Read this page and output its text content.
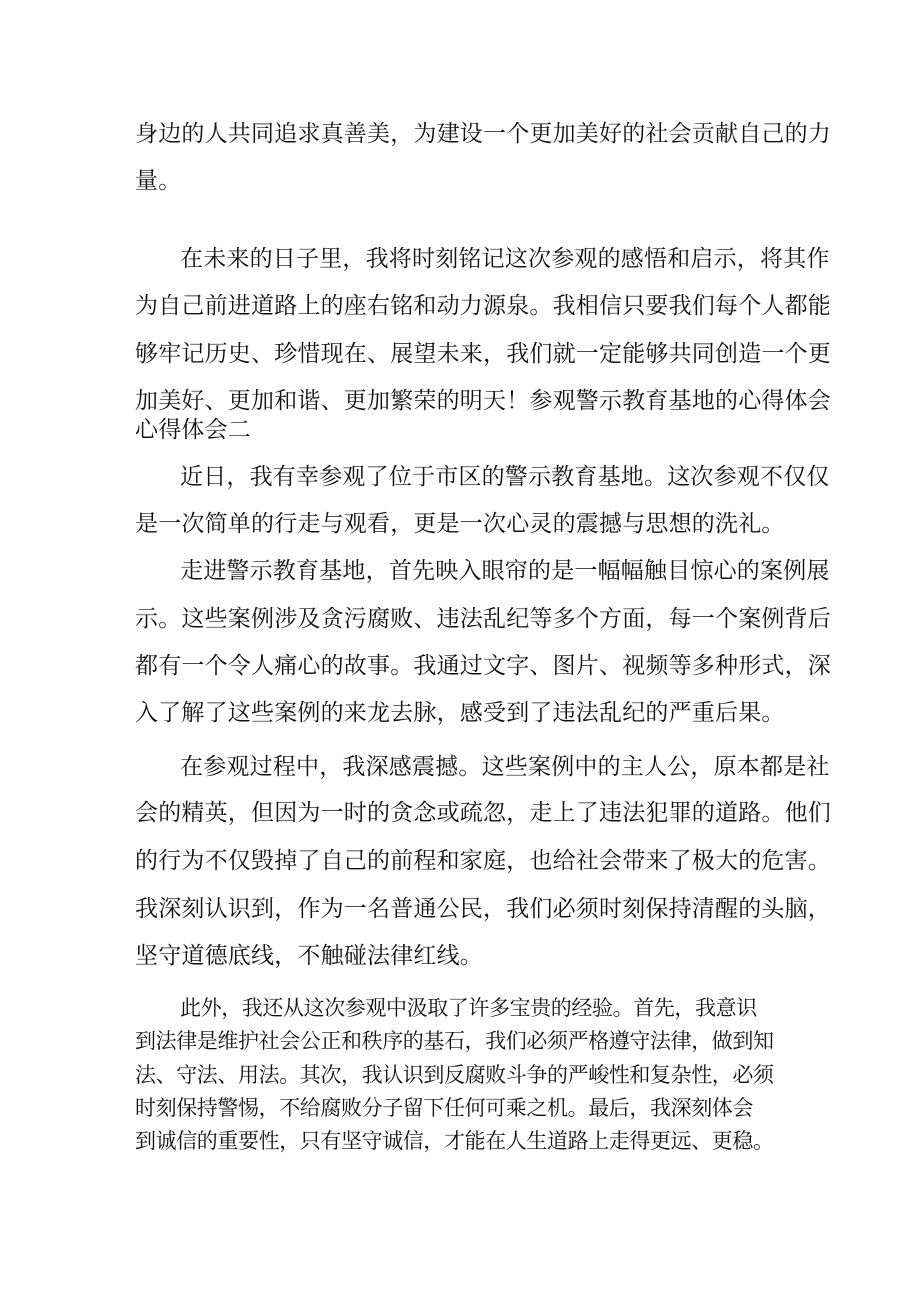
身边的人共同追求真善美，为建设一个更加美好的社会贡献自己的力
量。
在未来的日子里，我将时刻铭记这次参观的感悟和启示，将其作
为自己前进道路上的座右铭和动力源泉。我相信只要我们每个人都能
够牢记历史、珍惜现在、展望未来，我们就一定能够共同创造一个更
加美好、更加和谐、更加繁荣的明天！参观警示教育基地的心得体会
心得体会二
近日，我有幸参观了位于市区的警示教育基地。这次参观不仅仅
是一次简单的行走与观看，更是一次心灵的震撼与思想的洗礼。
走进警示教育基地，首先映入眼帘的是一幅幅触目惊心的案例展
示。这些案例涉及贪污腐败、违法乱纪等多个方面，每一个案例背后
都有一个令人痛心的故事。我通过文字、图片、视频等多种形式，深
入了解了这些案例的来龙去脉，感受到了违法乱纪的严重后果。
在参观过程中，我深感震撼。这些案例中的主人公，原本都是社
会的精英，但因为一时的贪念或疏忽，走上了违法犯罪的道路。他们
的行为不仅毁掉了自己的前程和家庭，也给社会带来了极大的危害。
我深刻认识到，作为一名普通公民，我们必须时刻保持清醒的头脑，
坚守道德底线，不触碰法律红线。
此外，我还从这次参观中汲取了许多宝贵的经验。首先，我意识
到法律是维护社会公正和秩序的基石，我们必须严格遵守法律，做到知
法、守法、用法。其次，我认识到反腐败斗争的严峻性和复杂性，必须
时刻保持警惕，不给腐败分子留下任何可乘之机。最后，我深刻体会
到诚信的重要性，只有坚守诚信，才能在人生道路上走得更远、更稳。
